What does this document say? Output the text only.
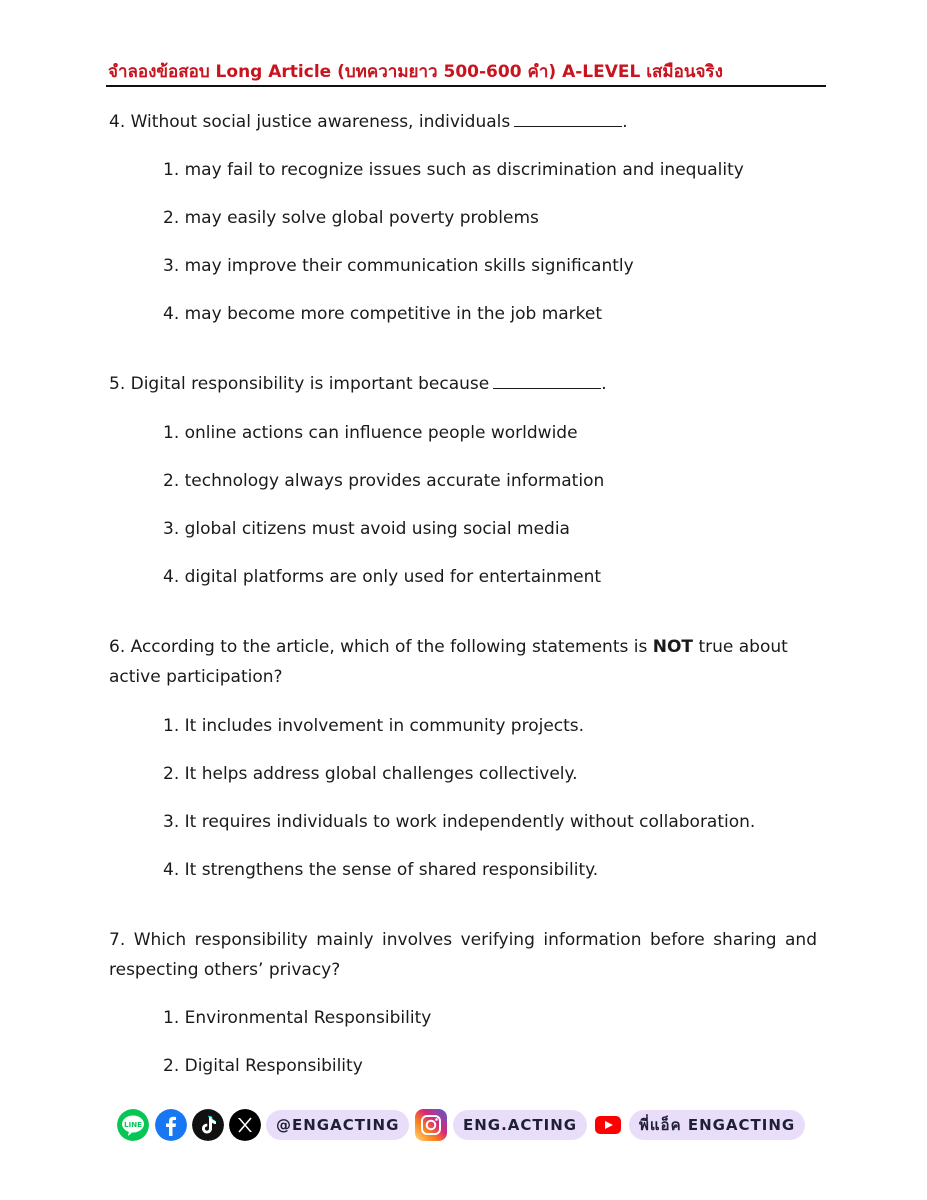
จำลองข้อสอบ Long Article (บทความยาว 500-600 คำ) A-LEVEL เสมือนจริง
4. Without social justice awareness, individuals	.
1. may fail to recognize issues such as discrimination and inequality
2. may easily solve global poverty problems
3. may improve their communication skills significantly
4. may become more competitive in the job market
5. Digital responsibility is important because	.
1. online actions can influence people worldwide
2. technology always provides accurate information
3. global citizens must avoid using social media
4. digital platforms are only used for entertainment
6. According to the article, which of the following statements is NOT true about active participation?
1. It includes involvement in community projects.
2. It helps address global challenges collectively.
3. It requires individuals to work independently without collaboration.
4. It strengthens the sense of shared responsibility.
7. Which responsibility mainly involves verifying information before sharing and respecting others’ privacy?
1. Environmental Responsibility
2. Digital Responsibility
LINE	@ENGACTING	ENG.ACTING	พี่แอ็ค ENGACTING
